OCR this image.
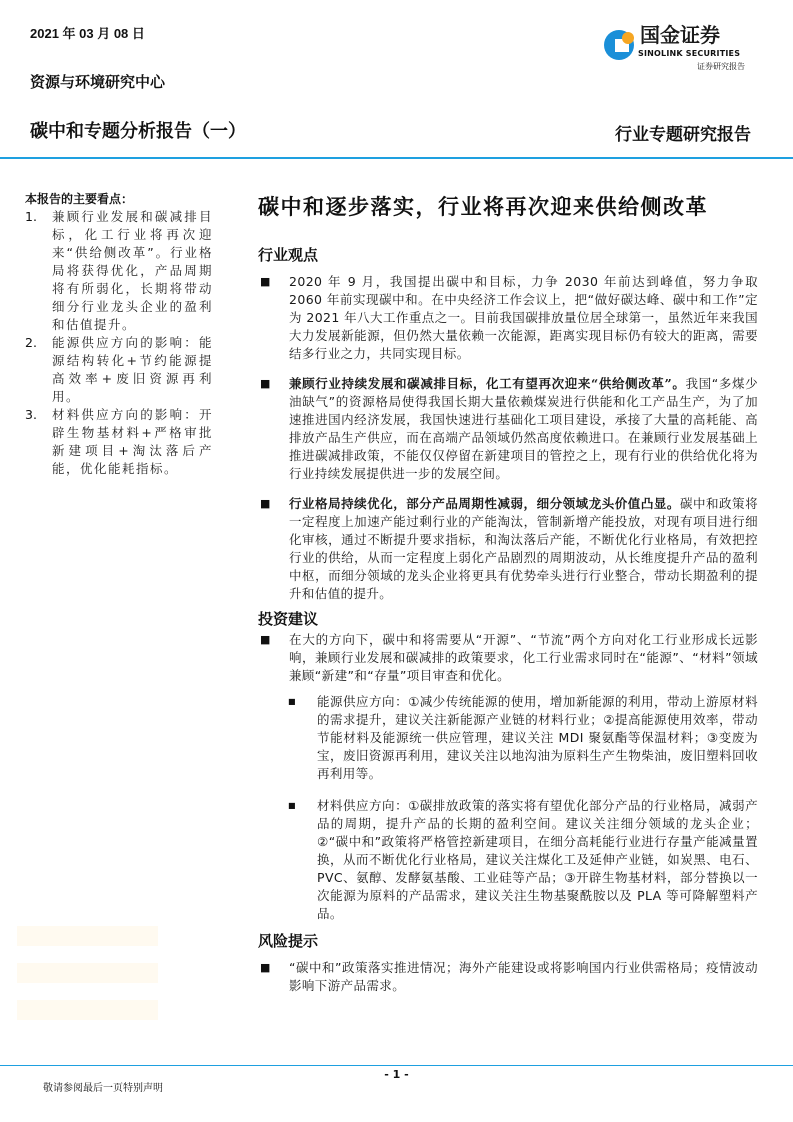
2021 年 03 月 08 日
资源与环境研究中心
碳中和专题分析报告（一）	行业专题研究报告
国金证券
SINOLINK SECURITIES
证券研究报告
本报告的主要看点：
1.	兼顾行业发展和碳减排目标，化工行业将再次迎来“供给侧改革”。行业格局将获得优化，产品周期将有所弱化，长期将带动细分行业龙头企业的盈利和估值提升。
2.	能源供应方向的影响：能源结构转化+节约能源提高效率+废旧资源再利用。
3.	材料供应方向的影响：开辟生物基材料+严格审批新建项目+淘汰落后产能，优化能耗指标。
碳中和逐步落实，行业将再次迎来供给侧改革
行业观点
■	2020 年 9 月，我国提出碳中和目标，力争 2030 年前达到峰值，努力争取 2060 年前实现碳中和。在中央经济工作会议上，把“做好碳达峰、碳中和工作”定为 2021 年八大工作重点之一。目前我国碳排放量位居全球第一，虽然近年来我国大力发展新能源，但仍然大量依赖一次能源，距离实现目标仍有较大的距离，需要结多行业之力，共同实现目标。
■	兼顾行业持续发展和碳减排目标，化工有望再次迎来“供给侧改革”。我国“多煤少油缺气”的资源格局使得我国长期大量依赖煤炭进行供能和化工产品生产，为了加速推进国内经济发展，我国快速进行基础化工项目建设，承接了大量的高耗能、高排放产品生产供应，而在高端产品领域仍然高度依赖进口。在兼顾行业发展基础上推进碳减排政策，不能仅仅停留在新建项目的管控之上，现有行业的供给优化将为行业持续发展提供进一步的发展空间。
■	行业格局持续优化，部分产品周期性减弱，细分领域龙头价值凸显。碳中和政策将一定程度上加速产能过剩行业的产能淘汰，管制新增产能投放，对现有项目进行细化审核，通过不断提升要求指标，和淘汰落后产能，不断优化行业格局，有效把控行业的供给，从而一定程度上弱化产品剧烈的周期波动，从长维度提升产品的盈利中枢，而细分领域的龙头企业将更具有优势牵头进行行业整合，带动长期盈利的提升和估值的提升。
投资建议
■	在大的方向下，碳中和将需要从“开源”、“节流”两个方向对化工行业形成长远影响，兼顾行业发展和碳减排的政策要求，化工行业需求同时在“能源”、“材料”领域兼顾“新建”和“存量”项目审查和优化。
■	能源供应方向：①减少传统能源的使用，增加新能源的利用，带动上游原材料的需求提升，建议关注新能源产业链的材料行业；②提高能源使用效率，带动节能材料及能源统一供应管理，建议关注 MDI 聚氨酯等保温材料；③变废为宝，废旧资源再利用，建议关注以地沟油为原料生产生物柴油，废旧塑料回收再利用等。
■	材料供应方向：①碳排放政策的落实将有望优化部分产品的行业格局，减弱产品的周期，提升产品的长期的盈利空间。建议关注细分领域的龙头企业；②“碳中和”政策将严格管控新建项目，在细分高耗能行业进行存量产能减量置换，从而不断优化行业格局，建议关注煤化工及延伸产业链，如炭黑、电石、PVC、氨醇、发酵氨基酸、工业硅等产品；③开辟生物基材料，部分替换以一次能源为原料的产品需求，建议关注生物基聚酰胺以及 PLA 等可降解塑料产品。
风险提示
■	“碳中和”政策落实推进情况；海外产能建设或将影响国内行业供需格局；疫情波动影响下游产品需求。
- 1 -
敬请参阅最后一页特别声明
